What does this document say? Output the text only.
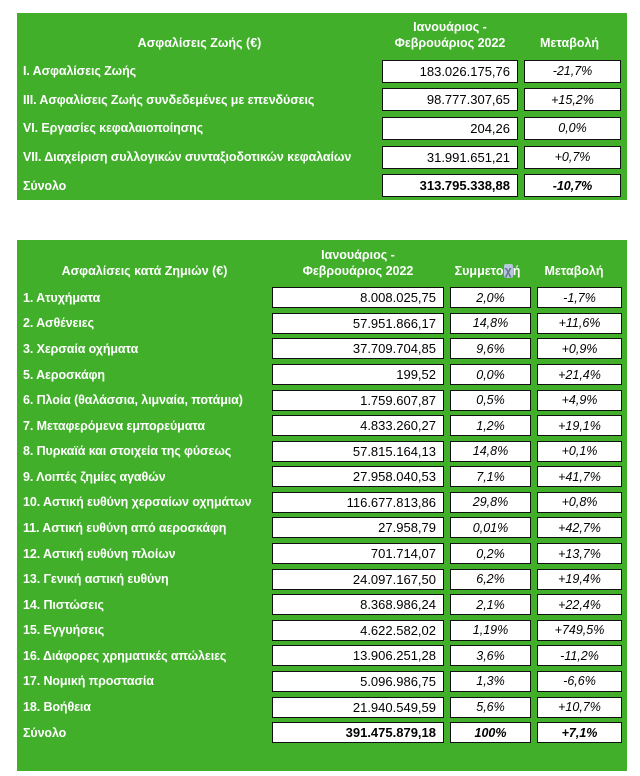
Ασφαλίσεις Ζωής (€)
Ιανουάριος -
Φεβρουάριος 2022	Μεταβολή
Ι. Ασφαλίσεις Ζωής	183.026.175,76	-21,7%
ΙΙΙ. Ασφαλίσεις Ζωής συνδεδεμένες με επενδύσεις	98.777.307,65	+15,2%
VΙ. Εργασίες κεφαλαιοποίησης	204,26	0,0%
VΙΙ. Διαχείριση συλλογικών συνταξιοδοτικών κεφαλαίων	31.991.651,21	+0,7%
Σύνολο	313.795.338,88	-10,7%
Ασφαλίσεις κατά Ζημιών (€)
Ιανουάριος -
Φεβρουάριος 2022	Συμμετοχή	Μεταβολή
1. Ατυχήματα	8.008.025,75	2,0%	-1,7%
2. Ασθένειες	57.951.866,17	14,8%	+11,6%
3. Χερσαία οχήματα	37.709.704,85	9,6%	+0,9%
5. Αεροσκάφη	199,52	0,0%	+21,4%
6. Πλοία (θαλάσσια, λιμναία, ποτάμια)	1.759.607,87	0,5%	+4,9%
7. Μεταφερόμενα εμπορεύματα	4.833.260,27	1,2%	+19,1%
8. Πυρκαϊά και στοιχεία της φύσεως	57.815.164,13	14,8%	+0,1%
9. Λοιπές ζημίες αγαθών	27.958.040,53	7,1%	+41,7%
10. Αστική ευθύνη χερσαίων οχημάτων	116.677.813,86	29,8%	+0,8%
11. Αστική ευθύνη από αεροσκάφη	27.958,79	0,01%	+42,7%
12. Αστική ευθύνη πλοίων	701.714,07	0,2%	+13,7%
13. Γενική αστική ευθύνη	24.097.167,50	6,2%	+19,4%
14. Πιστώσεις	8.368.986,24	2,1%	+22,4%
15. Εγγυήσεις	4.622.582,02	1,19%	+749,5%
16. Διάφορες χρηματικές απώλειες	13.906.251,28	3,6%	-11,2%
17. Νομική προστασία	5.096.986,75	1,3%	-6,6%
18. Βοήθεια	21.940.549,59	5,6%	+10,7%
Σύνολο	391.475.879,18	100%	+7,1%
